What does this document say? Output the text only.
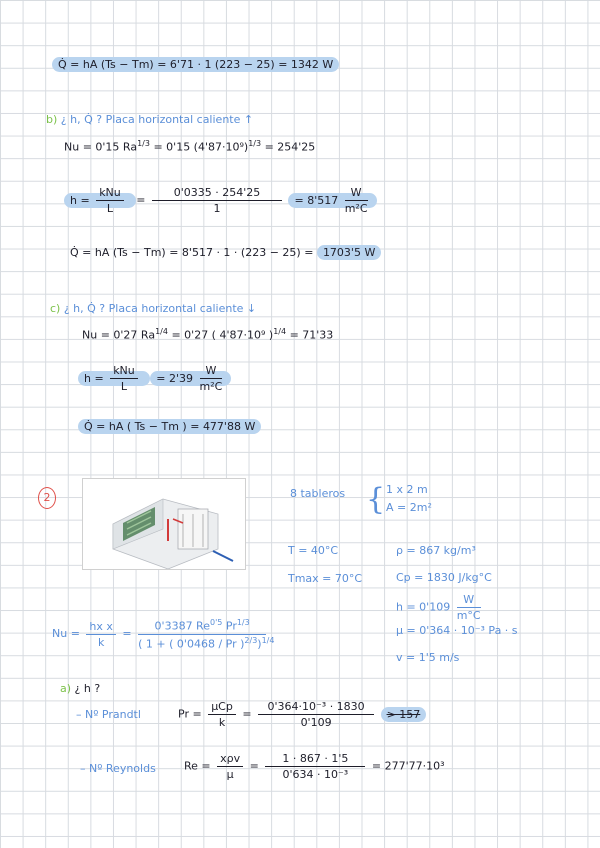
Q̇ = hA (Ts − Tm) = 6'71 · 1 (223 − 25) = 1342 W
b) ¿ h, Q̇ ? Placa horizontal caliente ↑
Nu = 0'15 $Ra^{1/3} = 0'15$ $(4'87\cdot 10^9)^{1/3} = 254'25$
$h = \frac{\text{kNu}}{L} = \frac{0'0335 \cdot 254'25}{1} = 8'517 \frac{W}{\text{m²C}}$
Q̇ = hA (Ts − Tm) = 8'517 · 1 · (223 − 25) = 1703'5 W
c) ¿ h, Q̇ ? Placa horizontal caliente ↓
Nu = 0'27 $Ra^{1/4} = 0'27$ ( 4'87·10⁹ )$^{1/4}$ = 71'33
$h = \frac{\text{kNu}}{L} = 2'39 \frac{W}{\text{m²C}}$
Q̇ = hA ( Ts − Tm ) = 477'88 W
2	{
8 tableros	1 x 2 m
A = 2m²
T = 40°C
Tmax = 70°C
ρ = 867 kg/m³
Cp = 1830 J/kg°C
$h = 0'109 \frac{W}{m^\circ C}$
μ = 0'364 · 10⁻³ Pa · s
v = 1'5 m/s
$Nu = \frac{\text{hx x}}{k} = \frac{0'3387 Re^{0'5} Pr^{1/3}}{( 1 + ( 0'0468 / Pr )^{2/3})^{1/4}}$
a) ¿ h ?
– Nº Prandtl	$Pr = \frac{\text{μCp}}{k} = \frac{\text{0'364·10⁻³ · 1830}}{0'109} > 157$
– Nº Reynolds	$Re = \frac{\text{xρv}}{\mu} = \frac{1 \cdot 867 \cdot 1'5}{\text{0'634 · 10⁻³}} = 277'77\cdot 10^3$
